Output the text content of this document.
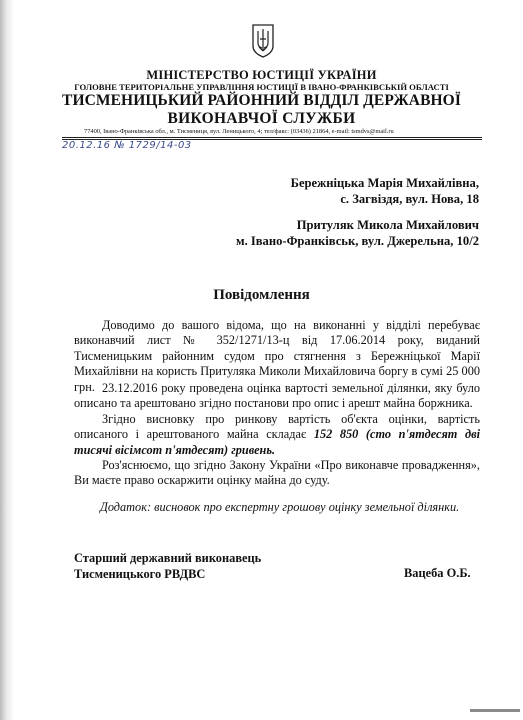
МІНІСТЕРСТВО ЮСТИЦІЇ УКРАЇНИ
ГОЛОВНЕ ТЕРИТОРІАЛЬНЕ УПРАВЛІННЯ ЮСТИЦІЇ В ІВАНО-ФРАНКІВСЬКІЙ ОБЛАСТІ
ТИСМЕНИЦЬКИЙ РАЙОННИЙ ВІДДІЛ ДЕРЖАВНОЇ
ВИКОНАВЧОЇ СЛУЖБИ
77400, Івано-Франківська обл., м. Тисмениця, вул. Леницького, 4; тел/факс: (03436) 21864, e-mail: tsmdvs@mail.ru
20.12.16 № 1729/14-03
Бережніцька Марія Михайлівна,
с. Загвіздя, вул. Нова, 18
Притуляк Микола Михайлович
м. Івано-Франківськ, вул. Джерельна, 10/2
Повідомлення

Доводимо до вашого відома, що на виконанні у відділі перебуває виконавчий лист № 352/1271/13-ц від 17.06.2014 року, виданий Тисменицьким районним судом про стягнення з Бережніцької Марії Михайлівни на користь Притуляка Миколи Михайловича боргу в сумі 25 000 грн. 23.12.2016 року проведена оцінка вартості земельної ділянки, яку було описано та арештовано згідно постанови про опис і арешт майна боржника.

Згідно висновку про ринкову вартість об'єкта оцінки, вартість описаного і арештованого майна складає 152 850 (сто п'ятдесят дві тисячі вісімсот п'ятдесят) гривень.

Роз'яснюємо, що згідно Закону України «Про виконавче провадження», Ви маєте право оскаржити оцінку майна до суду.

Додаток: висновок про експертну грошову оцінку земельної ділянки.
Старший державний виконавець
Тисменицького РВДВС	Вацеба О.Б.
